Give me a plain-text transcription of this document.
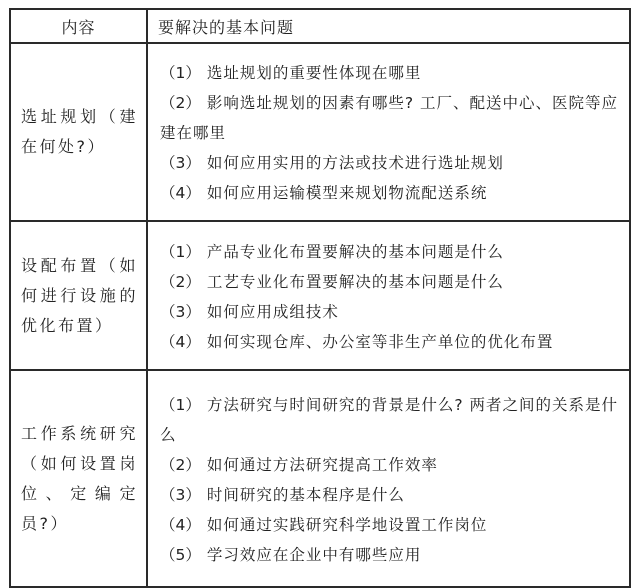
内容	要解决的基本问题
选址规划（建在何处?）	（1） 选址规划的重要性体现在哪里
（2） 影响选址规划的因素有哪些? 工厂、配送中心、医院等应建在哪里
（3） 如何应用实用的方法或技术进行选址规划
（4） 如何应用运输模型来规划物流配送系统

设配布置（如何进行设施的优化布置）	（1） 产品专业化布置要解决的基本问题是什么
（2） 工艺专业化布置要解决的基本问题是什么
（3） 如何应用成组技术
（4） 如何实现仓库、办公室等非生产单位的优化布置

工作系统研究（如何设置岗位、定编定员?）	（1） 方法研究与时间研究的背景是什么? 两者之间的关系是什么
（2） 如何通过方法研究提高工作效率
（3） 时间研究的基本程序是什么
（4） 如何通过实践研究科学地设置工作岗位
（5） 学习效应在企业中有哪些应用
